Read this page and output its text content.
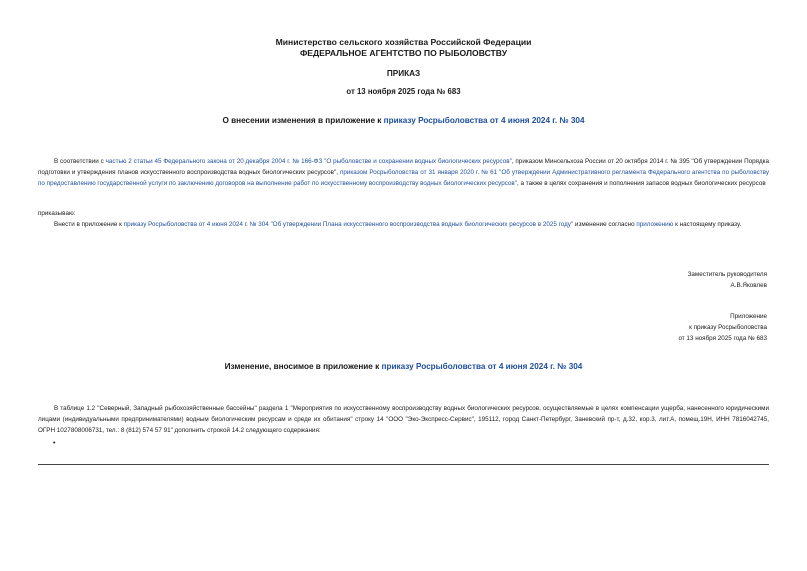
Министерство сельского хозяйства Российской Федерации
ФЕДЕРАЛЬНОЕ АГЕНТСТВО ПО РЫБОЛОВСТВУ
ПРИКАЗ
от 13 ноября 2025 года № 683
О внесении изменения в приложение к приказу Росрыболовства от 4 июня 2024 г. № 304
В соответствии с частью 2 статьи 45 Федерального закона от 20 декабря 2004 г. № 166-ФЗ "О рыболовстве и сохранении водных биологических ресурсов", приказом Минсельхоза России от 20 октября 2014 г. № 395 "Об утверждении Порядка подготовки и утверждения планов искусственного воспроизводства водных биологических ресурсов", приказом Росрыболовства от 31 января 2020 г. № 61 "Об утверждении Административного регламента Федерального агентства по рыболовству по предоставлению государственной услуги по заключению договоров на выполнение работ по искусственному воспроизводству водных биологических ресурсов", а также в целях сохранения и пополнения запасов водных биологических ресурсов
приказываю:
Внести в приложение к приказу Росрыболовства от 4 июня 2024 г. № 304 "Об утверждении Плана искусственного воспроизводства водных биологических ресурсов в 2025 году" изменение согласно приложению к настоящему приказу.
Заместитель руководителя
А.В.Яковлев
Приложение
к приказу Росрыболовства
от 13 ноября 2025 года № 683
Изменение, вносимое в приложение к приказу Росрыболовства от 4 июня 2024 г. № 304
В таблице 1.2 "Северный, Западный рыбохозяйственные бассейны" раздела 1 "Мероприятия по искусственному воспроизводству водных биологических ресурсов, осуществляемые в целях компенсации ущерба, нанесенного юридическими лицами (индивидуальными предпринимателями) водным биологическим ресурсам и среде их обитания" строку 14 "ООО "Эко-Экспресс-Сервис", 195112, город Санкт-Петербург, Заневский пр-т, д.32, кор.3, лит.А, помещ.19Н, ИНН 7816042745, ОГРН 1027808006731, тел.: 8 (812) 574 57 91" дополнить строкой 14.2 следующего содержания:
•
